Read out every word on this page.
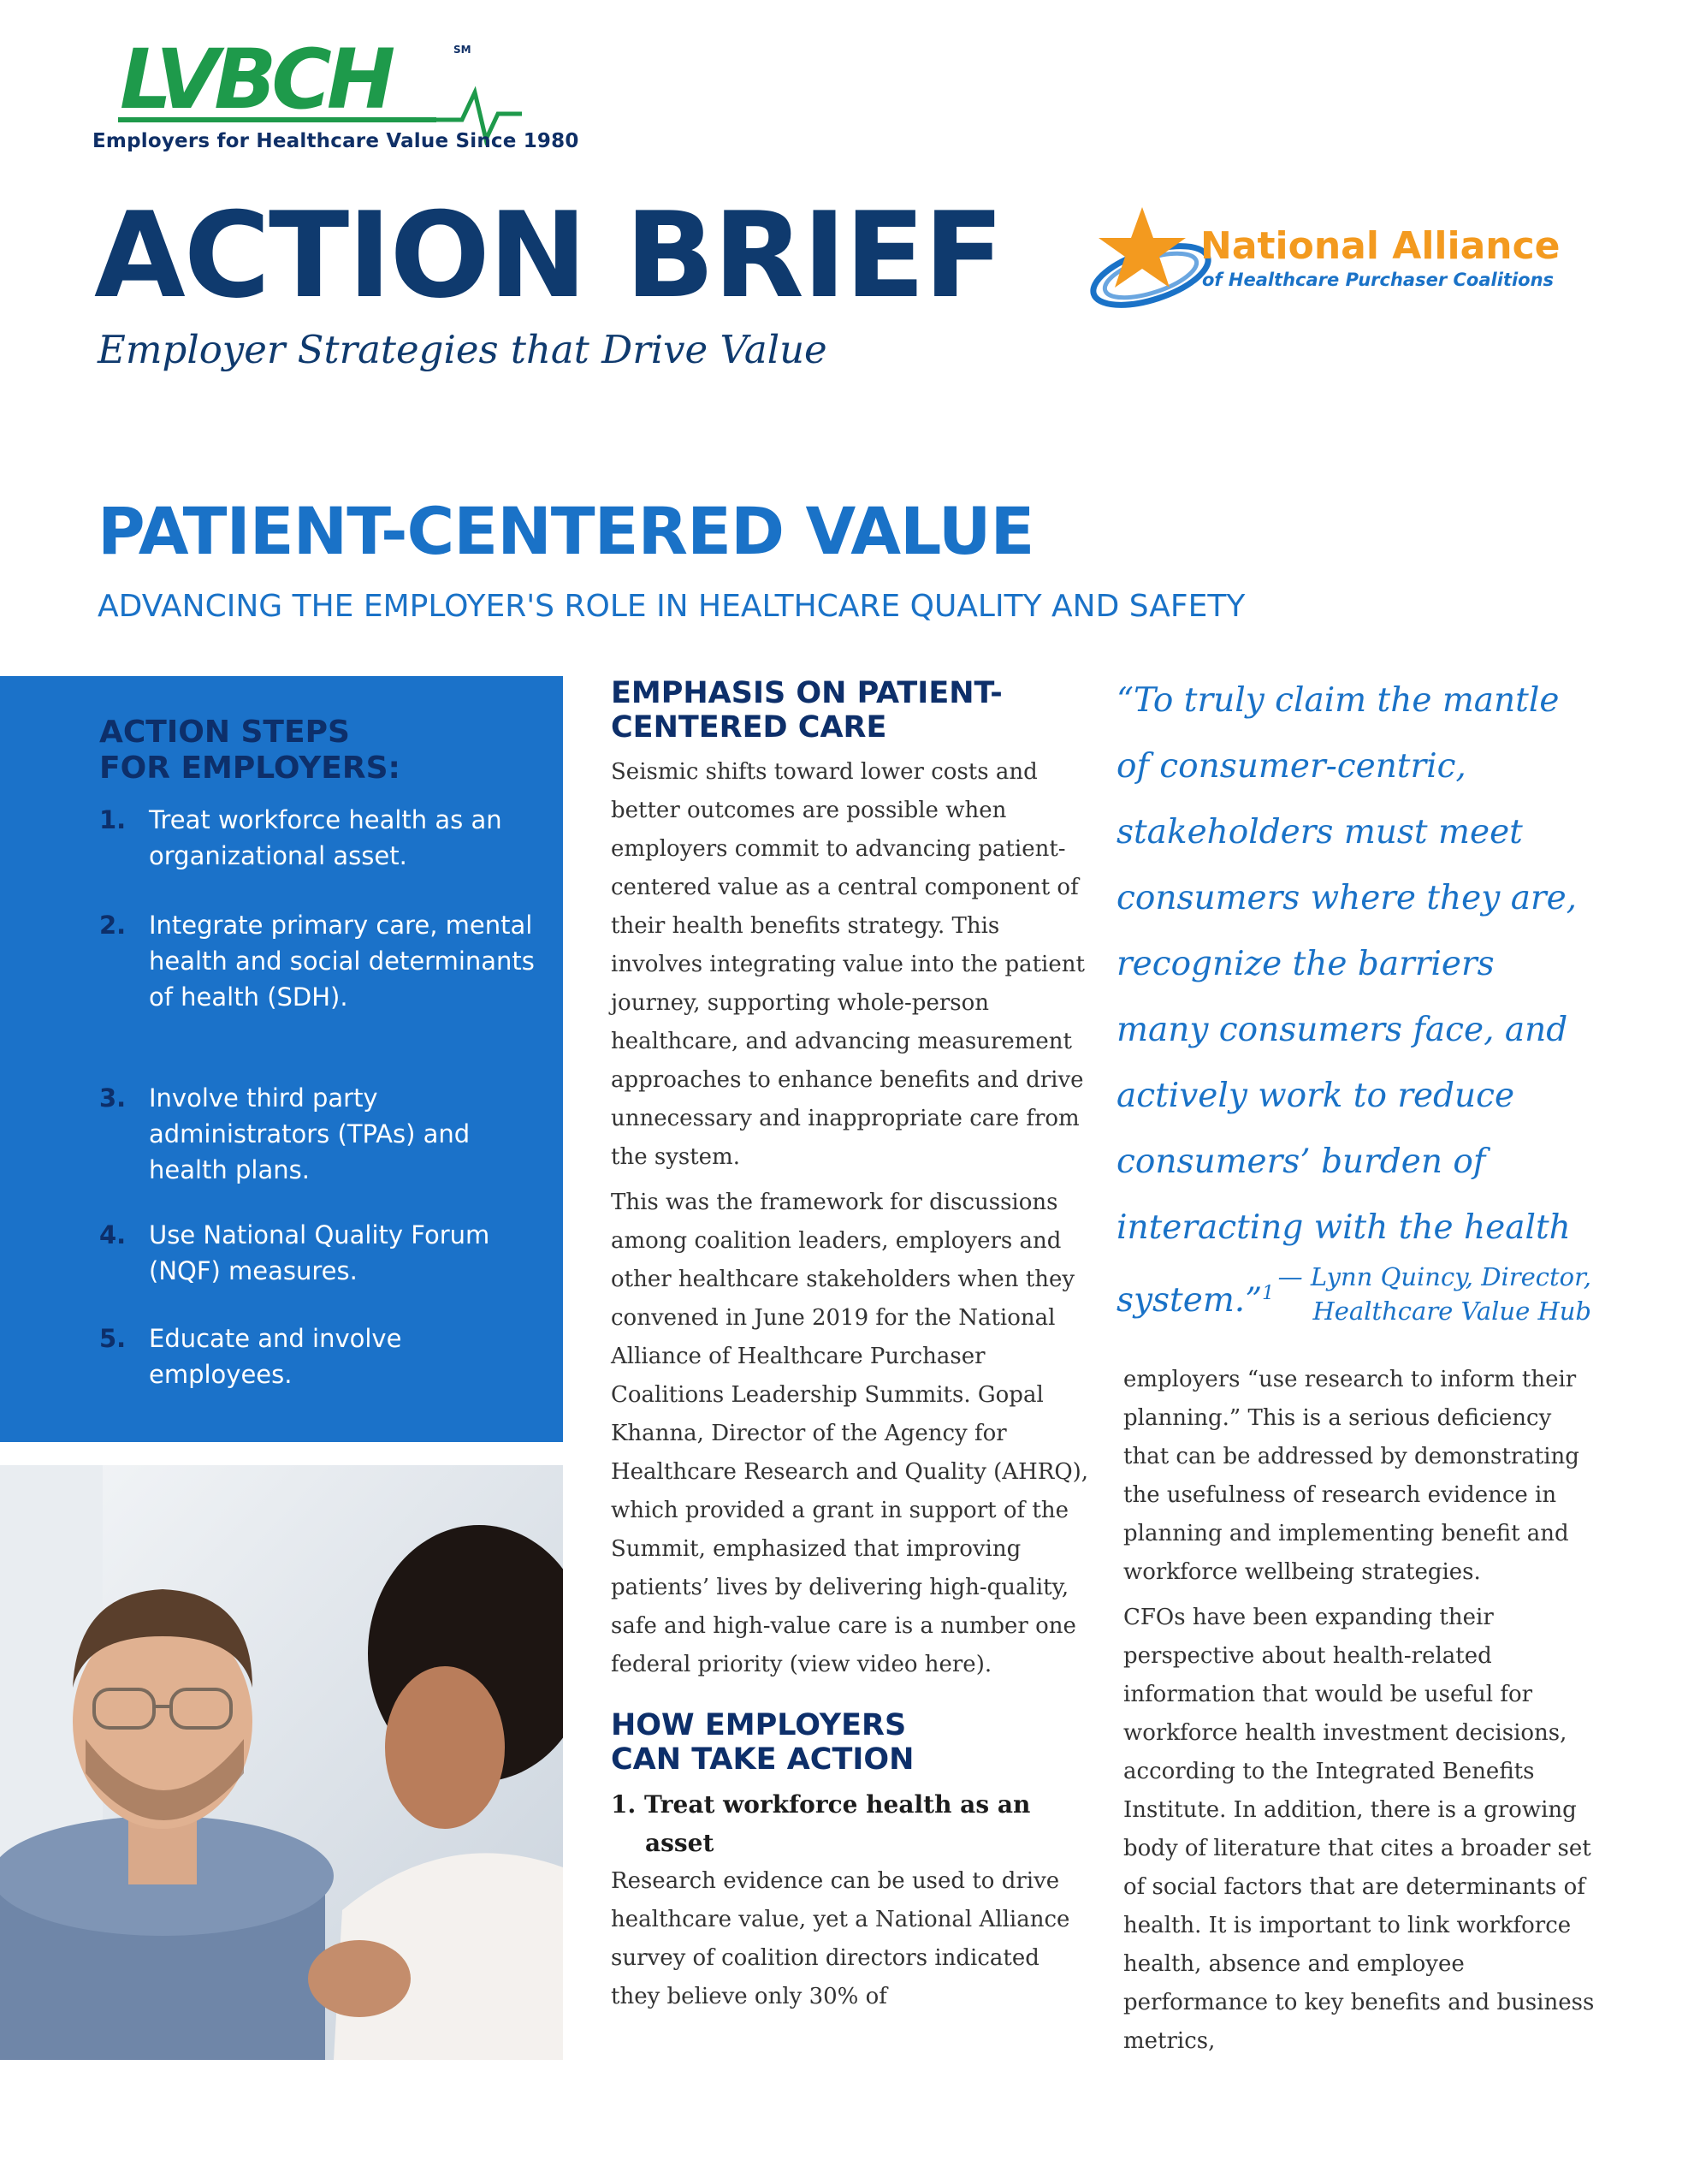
LVBCH	SM
Employers for Healthcare Value Since 1980
ACTION BRIEF
Employer Strategies that Drive Value
National Alliance
of Healthcare Purchaser Coalitions
PATIENT-CENTERED VALUE
ADVANCING THE EMPLOYER'S ROLE IN HEALTHCARE QUALITY AND SAFETY
ACTION STEPS
FOR EMPLOYERS:
1. Treat workforce health as an organizational asset.
2. Integrate primary care, mental health and social determinants of health (SDH).
3. Involve third party administrators (TPAs) and health plans.
4. Use National Quality Forum (NQF) measures.
5. Educate and involve employees.
EMPHASIS ON PATIENT-
CENTERED CARE

Seismic shifts toward lower costs and better outcomes are possible when employers commit to advancing patient-centered value as a central component of their health benefits strategy. This involves integrating value into the patient journey, supporting whole-person healthcare, and advancing measurement approaches to enhance benefits and drive unnecessary and inappropriate care from the system.

This was the framework for discussions among coalition leaders, employers and other healthcare stakeholders when they convened in June 2019 for the National Alliance of Healthcare Purchaser Coalitions Leadership Summits. Gopal Khanna, Director of the Agency for Healthcare Research and Quality (AHRQ), which provided a grant in support of the Summit, emphasized that improving patients’ lives by delivering high-quality, safe and high-value care is a number one federal priority (view video here).

HOW EMPLOYERS
CAN TAKE ACTION
1. Treat workforce health as an asset

Research evidence can be used to drive healthcare value, yet a National Alliance survey of coalition directors indicated they believe only 30% of

“To truly claim the mantle of consumer-centric, stakeholders must meet consumers where they are, recognize the barriers many consumers face, and actively work to reduce consumers’ burden of interacting with the health system.”$^1$

— Lynn Quincy, Director,
Healthcare Value Hub

employers “use research to inform their planning.” This is a serious deficiency that can be addressed by demonstrating the usefulness of research evidence in planning and implementing benefit and workforce wellbeing strategies.

CFOs have been expanding their perspective about health-related information that would be useful for workforce health investment decisions, according to the Integrated Benefits Institute. In addition, there is a growing body of literature that cites a broader set of social factors that are determinants of health. It is important to link workforce health, absence and employee performance to key benefits and business metrics,
